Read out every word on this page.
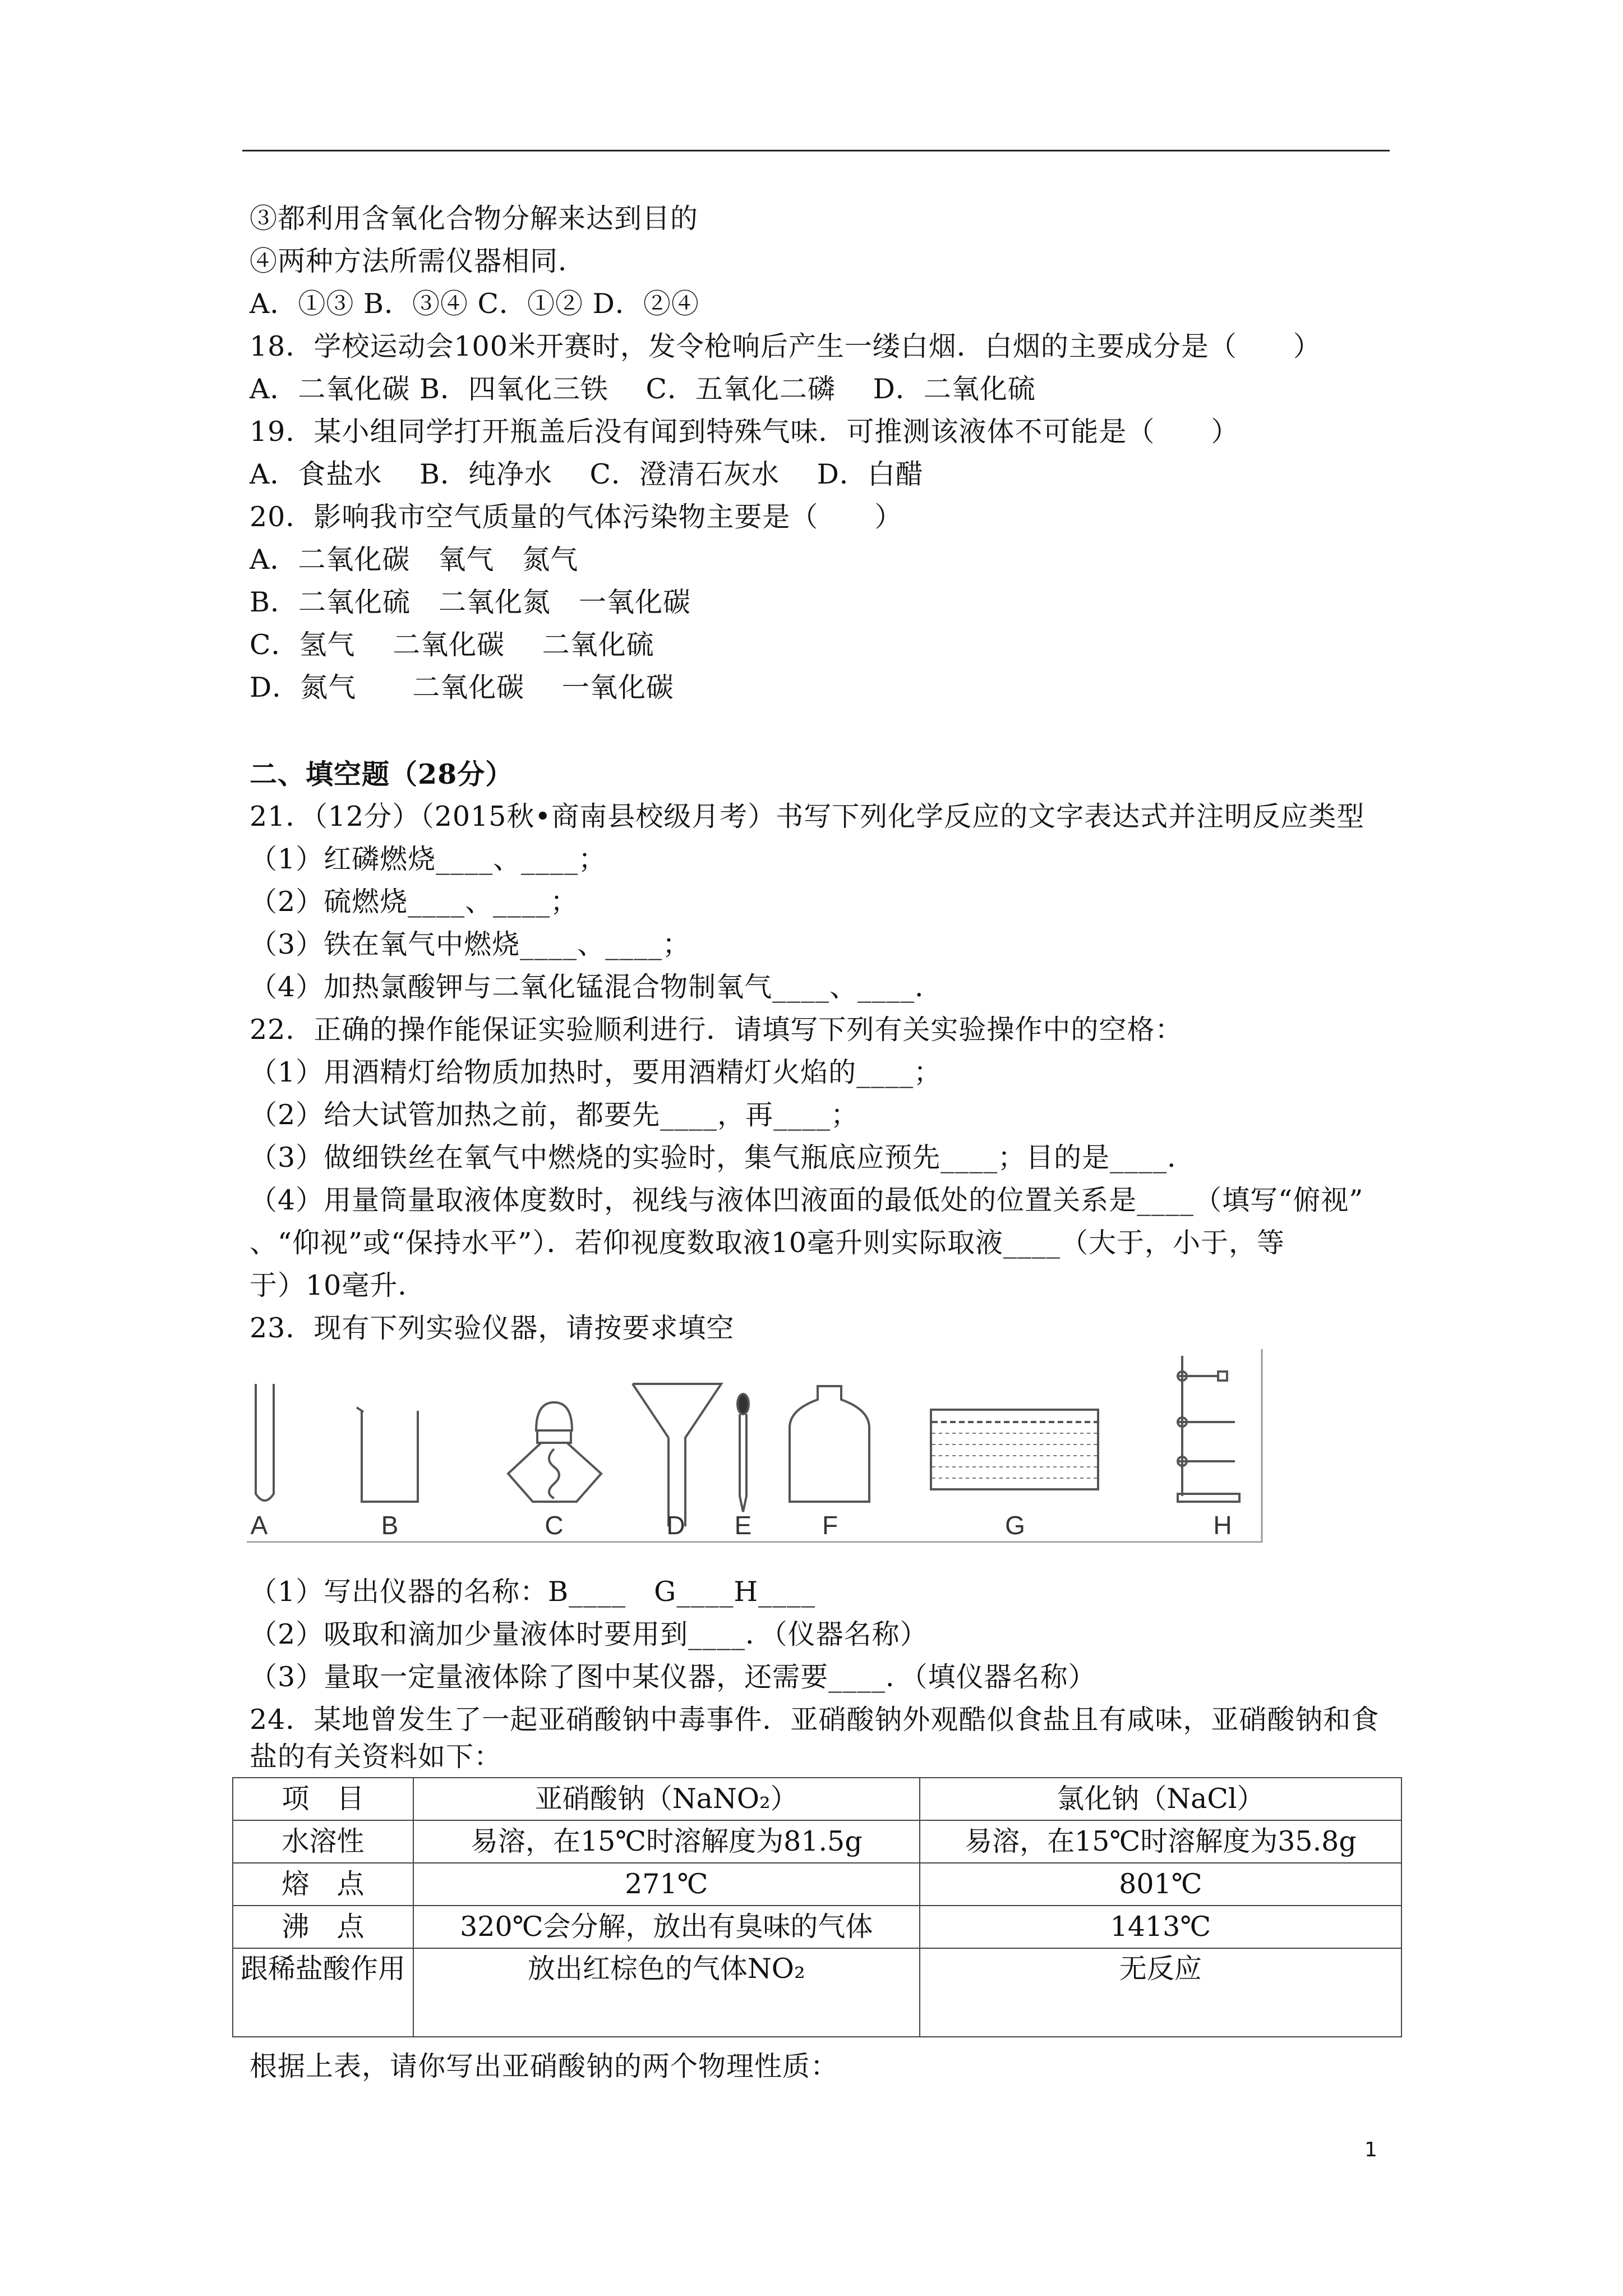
③都利用含氧化合物分解来达到目的
④两种方法所需仪器相同．
A．①③ B．③④ C．①② D．②④
18．学校运动会100米开赛时，发令枪响后产生一缕白烟．白烟的主要成分是（　　）
A．二氧化碳 B．四氧化三铁　 C．五氧化二磷　 D．二氧化硫
19．某小组同学打开瓶盖后没有闻到特殊气味．可推测该液体不可能是（　　）
A．食盐水　 B．纯净水　 C．澄清石灰水　 D．白醋
20．影响我市空气质量的气体污染物主要是（　　）
A．二氧化碳　氧气　氮气
B．二氧化硫　二氧化氮　一氧化碳
C．氢气　 二氧化碳　 二氧化硫
D．氮气　　二氧化碳　 一氧化碳
二、填空题（28分）
21．（12分）（2015秋•商南县校级月考）书写下列化学反应的文字表达式并注明反应类型
（1）红磷燃烧____、____；
（2）硫燃烧____、____；
（3）铁在氧气中燃烧____、____；
（4）加热氯酸钾与二氧化锰混合物制氧气____、____．
22．正确的操作能保证实验顺利进行．请填写下列有关实验操作中的空格：
（1）用酒精灯给物质加热时，要用酒精灯火焰的____；
（2）给大试管加热之前，都要先____，再____；
（3）做细铁丝在氧气中燃烧的实验时，集气瓶底应预先____；目的是____．
（4）用量筒量取液体度数时，视线与液体凹液面的最低处的位置关系是____（填写“俯视”
、“仰视”或“保持水平”）．若仰视度数取液10毫升则实际取液____（大于，小于，等
于）10毫升．
23．现有下列实验仪器，请按要求填空
A	B	C	D E	F	G	H
（1）写出仪器的名称：B____　G____H____
（2）吸取和滴加少量液体时要用到____．（仪器名称）
（3）量取一定量液体除了图中某仪器，还需要____．（填仪器名称）
24．某地曾发生了一起亚硝酸钠中毒事件．亚硝酸钠外观酷似食盐且有咸味，亚硝酸钠和食
盐的有关资料如下：
项　目	亚硝酸钠（NaNO₂）	氯化钠（NaCl）
水溶性	易溶，在15℃时溶解度为81.5g	易溶，在15℃时溶解度为35.8g
熔　点	271℃	801℃
沸　点	320℃会分解，放出有臭味的气体	1413℃
跟稀盐酸作用	放出红棕色的气体NO₂	无反应
根据上表，请你写出亚硝酸钠的两个物理性质：
1
